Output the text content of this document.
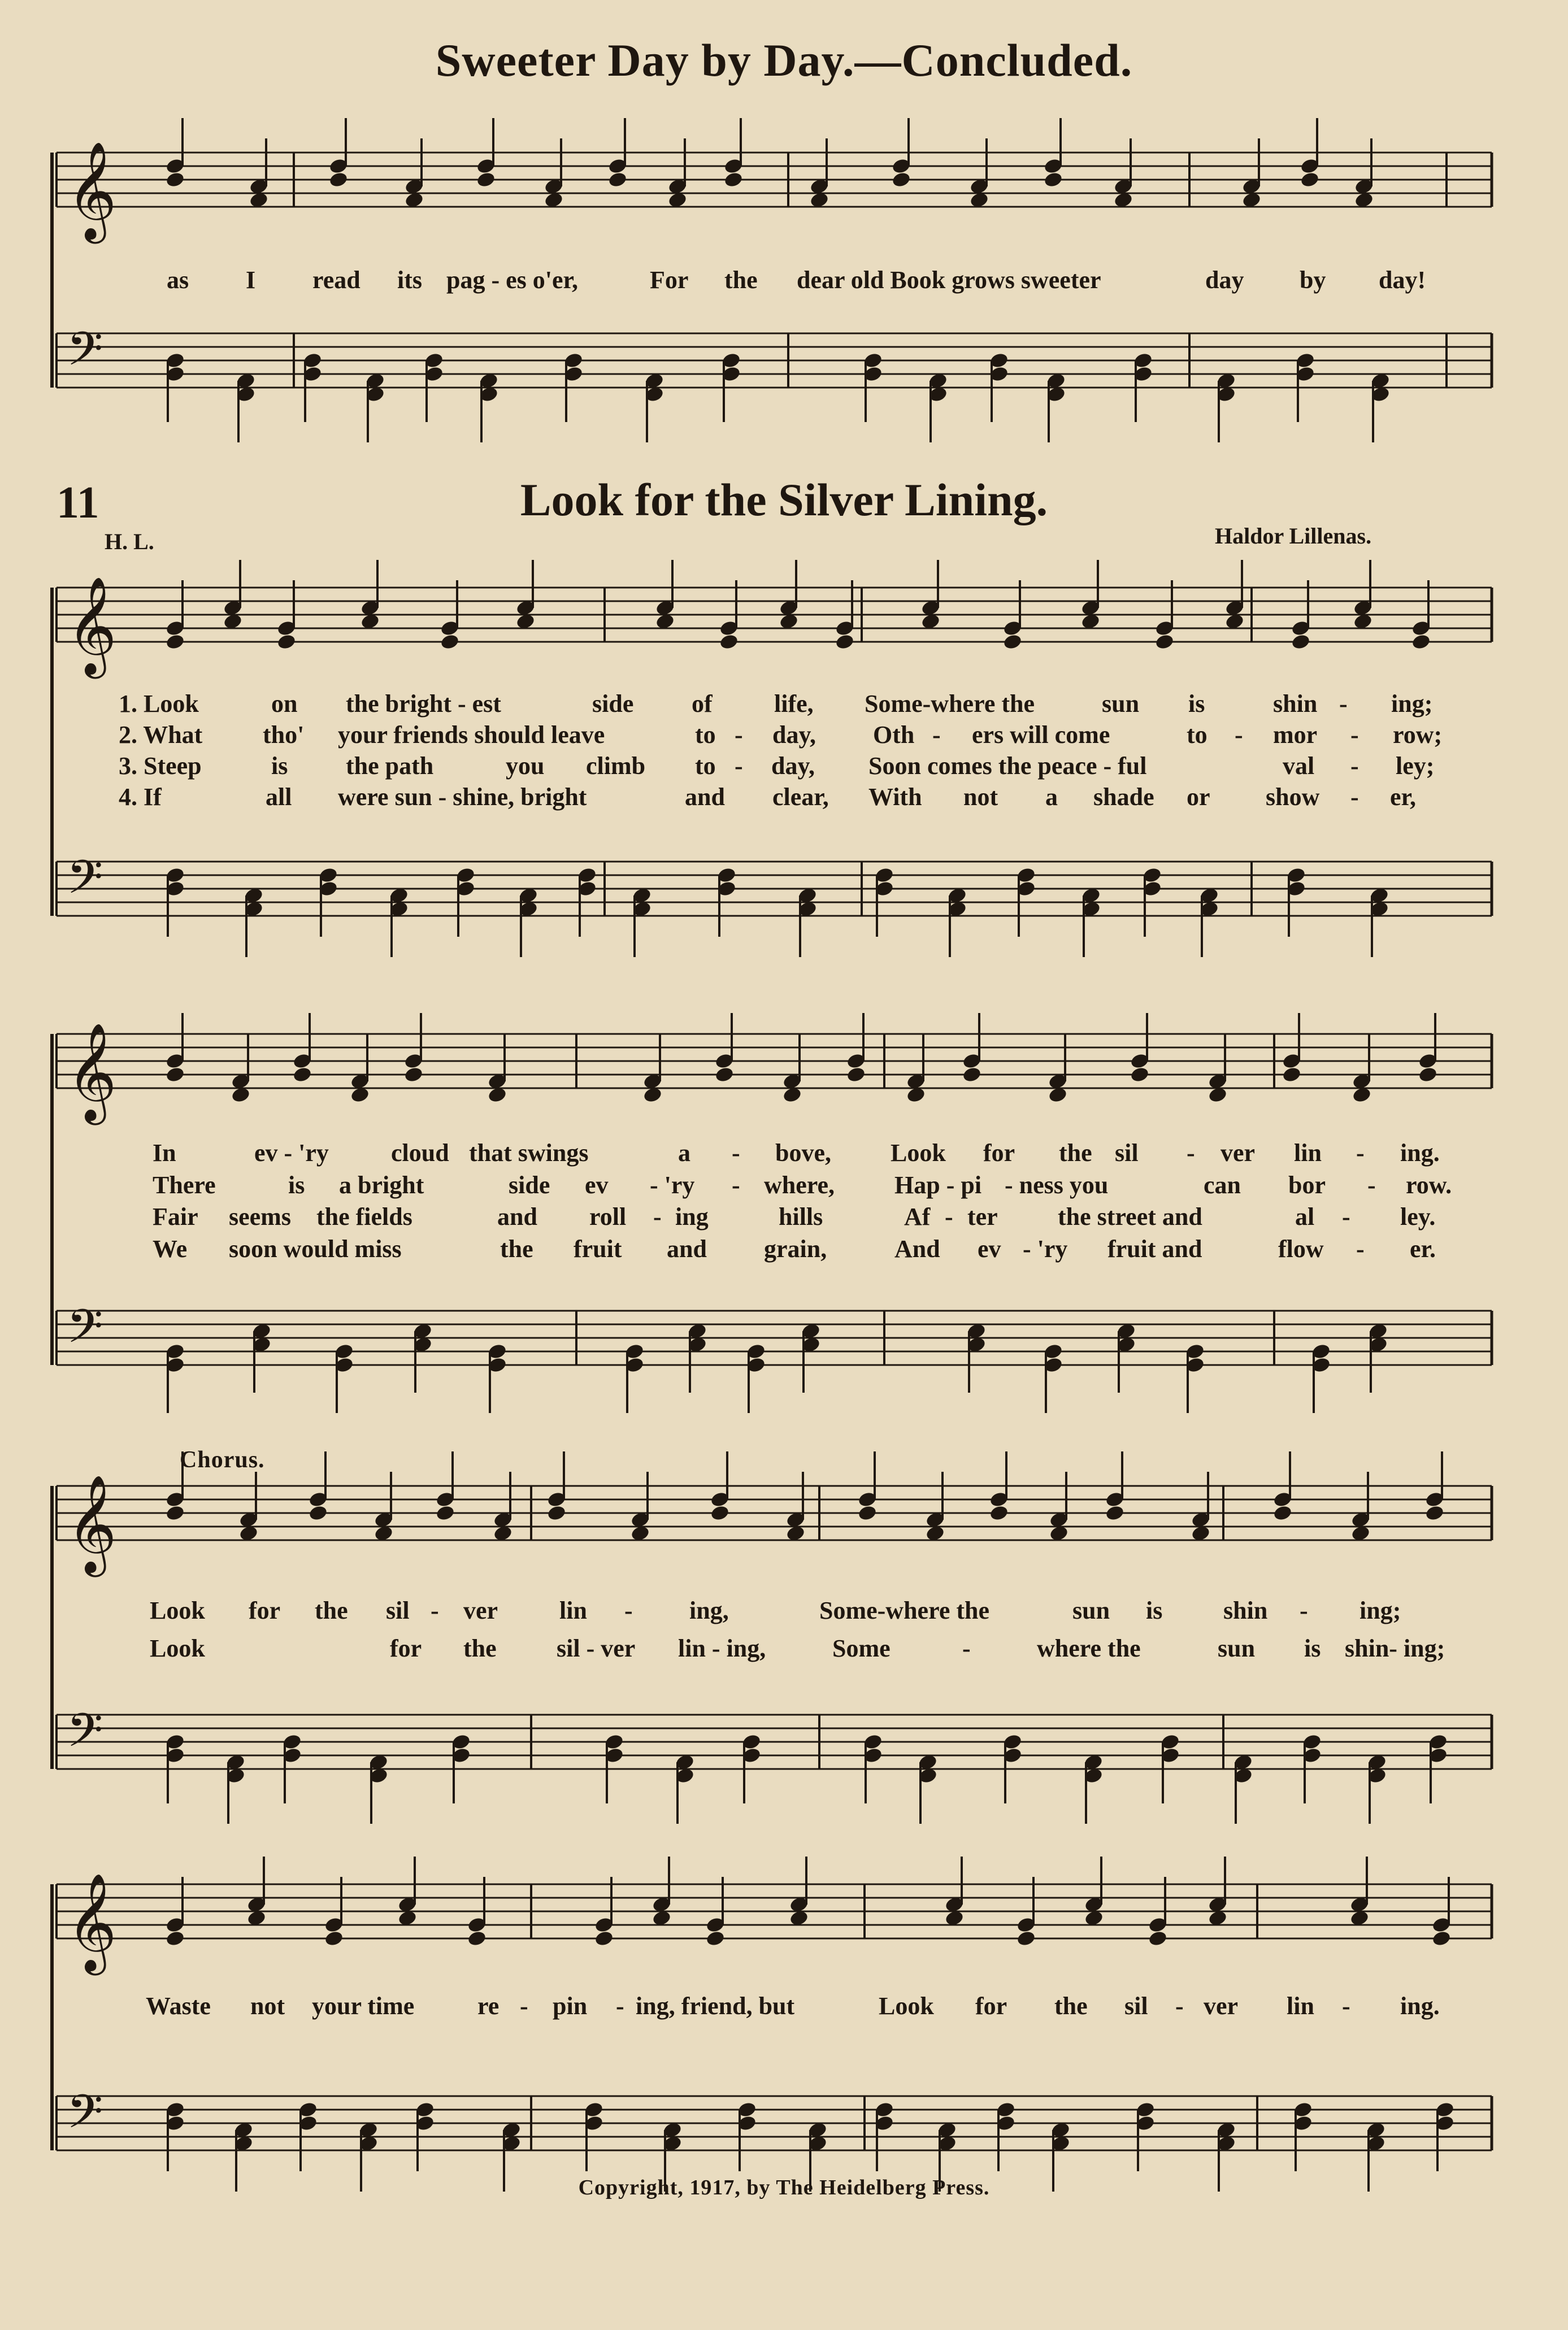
𝄞
𝄢
𝄞
𝄢
𝄞
𝄢
𝄞
𝄢
𝄞
𝄢
Sweeter Day by Day.—Concluded.
as I read its pag - es o'er,	For the dear old Book grows sweeter	day by day!
11	Look for the Silver Lining.
H. L.	Haldor Lillenas.
1. Look	on the bright - est	side of life, Some-where the	sun is	shin - ing;
2. What tho' your friends should leave	to - day, Oth - ers will come	to - mor - row;
3. Steep	is the path	you climb to - day, Soon comes the peace - ful	val - ley;
4. If	all were sun - shine, bright	and clear, With not a shade or show - er,
In	ev - 'ry	cloud that swings	a - bove, Look for the sil - ver lin - ing.
There	is a bright	side ev - 'ry - where, Hap - pi - ness you	can bor - row.
Fair seems the fields	and roll - ing	hills	Af - ter the street and	al - ley.
We soon would miss	the fruit and grain,	And ev - 'ry fruit and	flow - er.
Chorus.
Look for the sil - ver lin - ing,	Some-where the	sun is shin - ing;
Look	for the sil - ver lin - ing,	Some	-	where the	sun is shin- ing;
Waste not your time	re - pin - ing, friend, but	Look for the sil - ver lin - ing.
Copyright, 1917, by The Heidelberg Press.
